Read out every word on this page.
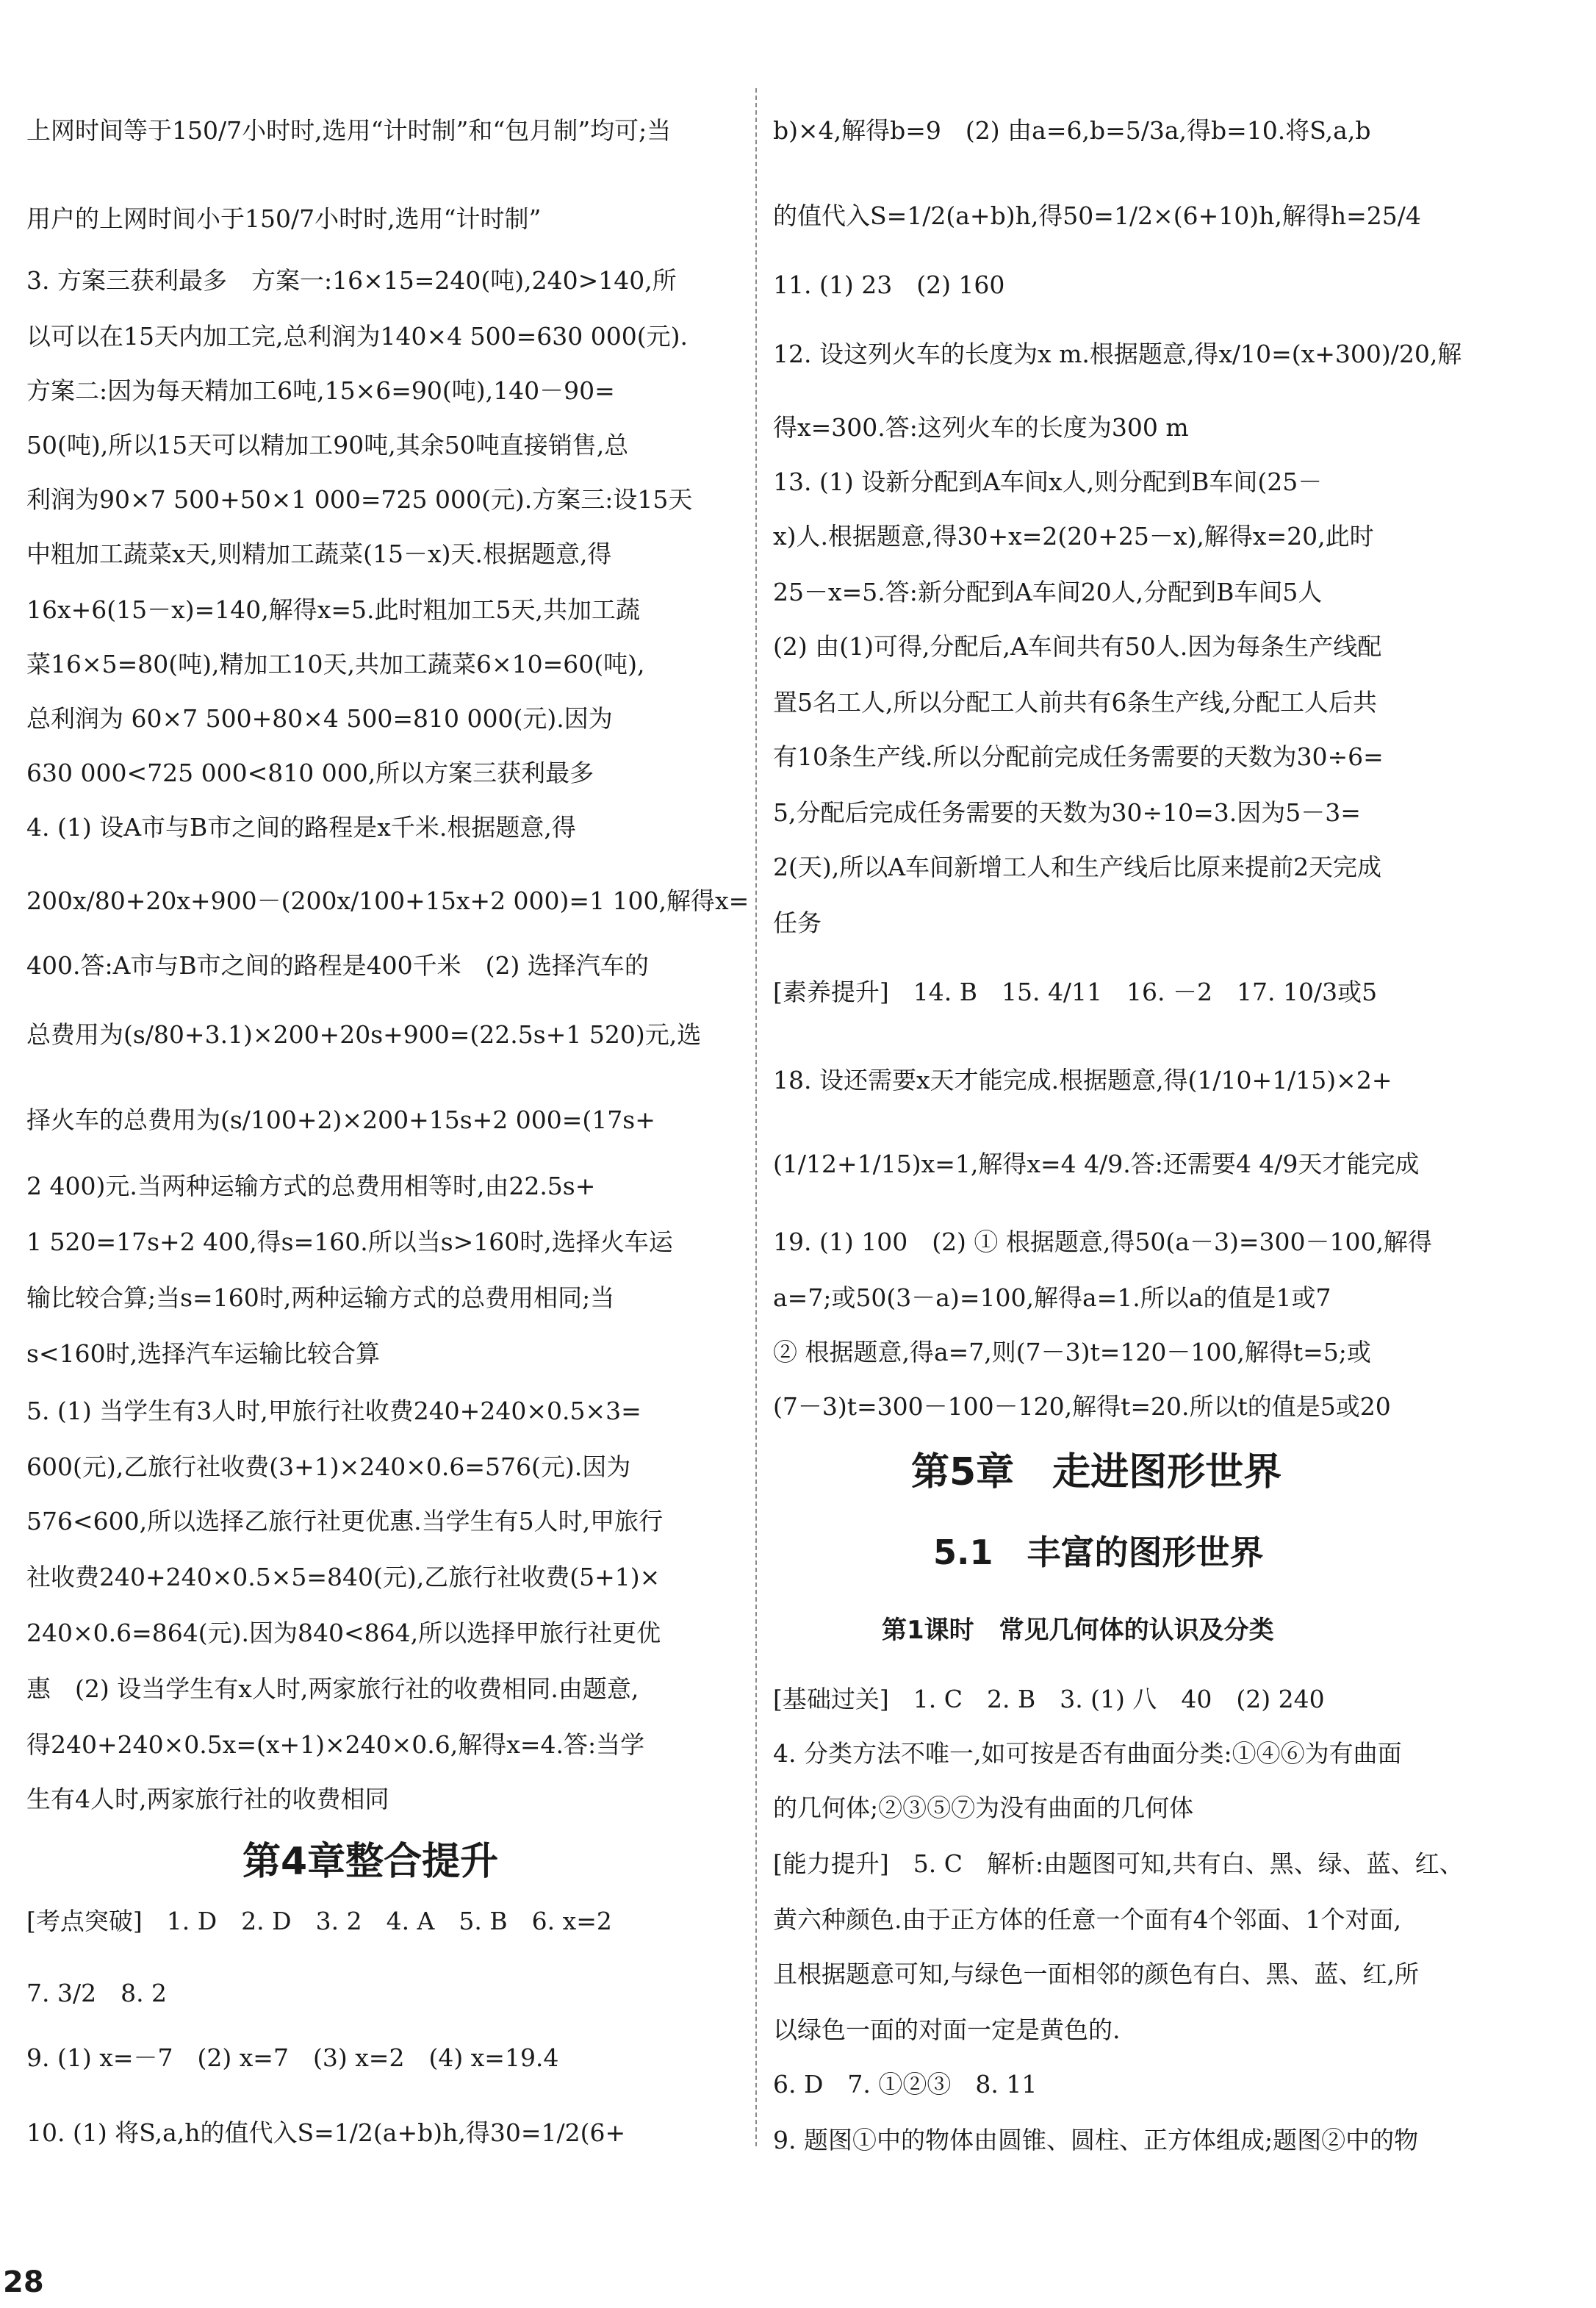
上网时间等于150/7小时时,选用“计时制”和“包月制”均可;当
用户的上网时间小于150/7小时时,选用“计时制”
3. 方案三获利最多　方案一:16×15=240(吨),240>140,所
以可以在15天内加工完,总利润为140×4 500=630 000(元).
方案二:因为每天精加工6吨,15×6=90(吨),140－90=
50(吨),所以15天可以精加工90吨,其余50吨直接销售,总
利润为90×7 500+50×1 000=725 000(元).方案三:设15天
中粗加工蔬菜x天,则精加工蔬菜(15－x)天.根据题意,得
16x+6(15－x)=140,解得x=5.此时粗加工5天,共加工蔬
菜16×5=80(吨),精加工10天,共加工蔬菜6×10=60(吨),
总利润为 60×7 500+80×4 500=810 000(元).因为
630 000<725 000<810 000,所以方案三获利最多
4. (1) 设A市与B市之间的路程是x千米.根据题意,得
200x/80+20x+900－(200x/100+15x+2 000)=1 100,解得x=
400.答:A市与B市之间的路程是400千米　(2) 选择汽车的
总费用为(s/80+3.1)×200+20s+900=(22.5s+1 520)元,选
择火车的总费用为(s/100+2)×200+15s+2 000=(17s+
2 400)元.当两种运输方式的总费用相等时,由22.5s+
1 520=17s+2 400,得s=160.所以当s>160时,选择火车运
输比较合算;当s=160时,两种运输方式的总费用相同;当
s<160时,选择汽车运输比较合算
5. (1) 当学生有3人时,甲旅行社收费240+240×0.5×3=
600(元),乙旅行社收费(3+1)×240×0.6=576(元).因为
576<600,所以选择乙旅行社更优惠.当学生有5人时,甲旅行
社收费240+240×0.5×5=840(元),乙旅行社收费(5+1)×
240×0.6=864(元).因为840<864,所以选择甲旅行社更优
惠　(2) 设当学生有x人时,两家旅行社的收费相同.由题意,
得240+240×0.5x=(x+1)×240×0.6,解得x=4.答:当学
生有4人时,两家旅行社的收费相同
[考点突破]　1. D　2. D　3. 2　4. A　5. B　6. x=2
7. 3/2　8. 2
9. (1) x=－7　(2) x=7　(3) x=2　(4) x=19.4
10. (1) 将S,a,h的值代入S=1/2(a+b)h,得30=1/2(6+
b)×4,解得b=9　(2) 由a=6,b=5/3a,得b=10.将S,a,b
的值代入S=1/2(a+b)h,得50=1/2×(6+10)h,解得h=25/4
11. (1) 23　(2) 160
12. 设这列火车的长度为x m.根据题意,得x/10=(x+300)/20,解
得x=300.答:这列火车的长度为300 m
13. (1) 设新分配到A车间x人,则分配到B车间(25－
x)人.根据题意,得30+x=2(20+25－x),解得x=20,此时
25－x=5.答:新分配到A车间20人,分配到B车间5人
(2) 由(1)可得,分配后,A车间共有50人.因为每条生产线配
置5名工人,所以分配工人前共有6条生产线,分配工人后共
有10条生产线.所以分配前完成任务需要的天数为30÷6=
5,分配后完成任务需要的天数为30÷10=3.因为5－3=
2(天),所以A车间新增工人和生产线后比原来提前2天完成
任务
[素养提升]　14. B　15. 4/11　16. －2　17. 10/3或5
18. 设还需要x天才能完成.根据题意,得(1/10+1/15)×2+
(1/12+1/15)x=1,解得x=4 4/9.答:还需要4 4/9天才能完成
19. (1) 100　(2) ① 根据题意,得50(a－3)=300－100,解得
a=7;或50(3－a)=100,解得a=1.所以a的值是1或7
② 根据题意,得a=7,则(7－3)t=120－100,解得t=5;或
(7－3)t=300－100－120,解得t=20.所以t的值是5或20
[基础过关]　1. C　2. B　3. (1) 八　40　(2) 240
4. 分类方法不唯一,如可按是否有曲面分类:①④⑥为有曲面
的几何体;②③⑤⑦为没有曲面的几何体
[能力提升]　5. C　解析:由题图可知,共有白、黑、绿、蓝、红、
黄六种颜色.由于正方体的任意一个面有4个邻面、1个对面,
且根据题意可知,与绿色一面相邻的颜色有白、黑、蓝、红,所
以绿色一面的对面一定是黄色的.
6. D　7. ①②③　8. 11
9. 题图①中的物体由圆锥、圆柱、正方体组成;题图②中的物
第4章整合提升
第5章　走进图形世界
5.1　丰富的图形世界
第1课时　常见几何体的认识及分类
28
